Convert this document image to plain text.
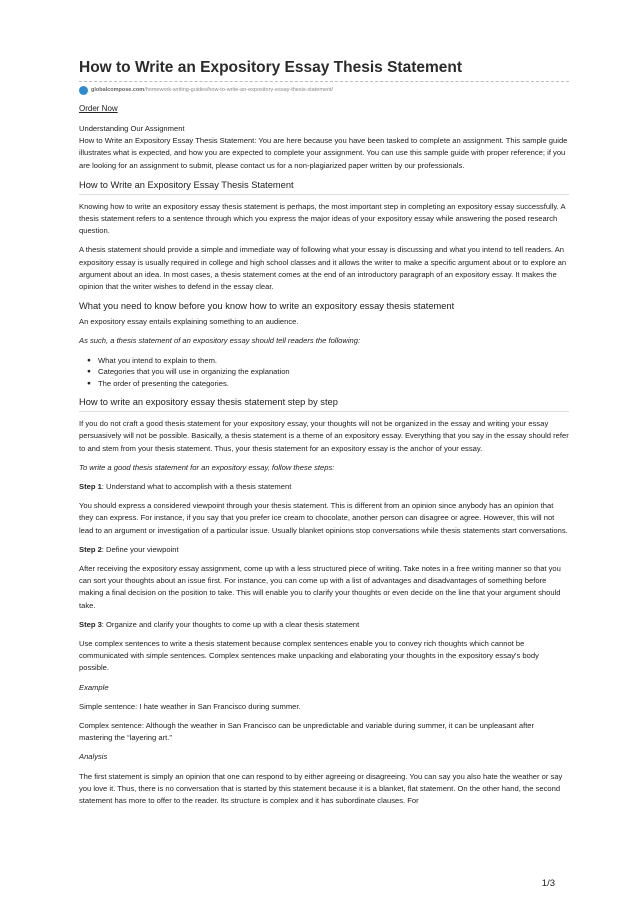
How to Write an Expository Essay Thesis Statement
globalcompose.com /homework-writing-guides/how-to-write-an-expository-essay-thesis-statement/
Order Now

Understanding Our Assignment

How to Write an Expository Essay Thesis Statement: You are here because you have been tasked to complete an assignment. This sample guide illustrates what is expected, and how you are expected to complete your assignment. You can use this sample guide with proper reference; if you are looking for an assignment to submit, please contact us for a non-plagiarized paper written by our professionals.

How to Write an Expository Essay Thesis Statement

Knowing how to write an expository essay thesis statement is perhaps, the most important step in completing an expository essay successfully. A thesis statement refers to a sentence through which you express the major ideas of your expository essay while answering the posed research question.

A thesis statement should provide a simple and immediate way of following what your essay is discussing and what you intend to tell readers. An expository essay is usually required in college and high school classes and it allows the writer to make a specific argument about or to explore an argument about an idea. In most cases, a thesis statement comes at the end of an introductory paragraph of an expository essay. It makes the opinion that the writer wishes to defend in the essay clear.

What you need to know before you know how to write an expository essay thesis statement

An expository essay entails explaining something to an audience.

As such, a thesis statement of an expository essay should tell readers the following:

● What you intend to explain to them.
● Categories that you will use in organizing the explanation
● The order of presenting the categories.
How to write an expository essay thesis statement step by step

If you do not craft a good thesis statement for your expository essay, your thoughts will not be organized in the essay and writing your essay persuasively will not be possible. Basically, a thesis statement is a theme of an expository essay. Everything that you say in the essay should refer to and stem from your thesis statement. Thus, your thesis statement for an expository essay is the anchor of your essay.

To write a good thesis statement for an expository essay, follow these steps:

Step 1: Understand what to accomplish with a thesis statement

You should express a considered viewpoint through your thesis statement. This is different from an opinion since anybody has an opinion that they can express. For instance, if you say that you prefer ice cream to chocolate, another person can disagree or agree. However, this will not lead to an argument or investigation of a particular issue. Usually blanket opinions stop conversations while thesis statements start conversations.

Step 2: Define your viewpoint

After receiving the expository essay assignment, come up with a less structured piece of writing. Take notes in a free writing manner so that you can sort your thoughts about an issue first. For instance, you can come up with a list of advantages and disadvantages of something before making a final decision on the position to take. This will enable you to clarify your thoughts or even decide on the line that your argument should take.

Step 3: Organize and clarify your thoughts to come up with a clear thesis statement

Use complex sentences to write a thesis statement because complex sentences enable you to convey rich thoughts which cannot be communicated with simple sentences. Complex sentences make unpacking and elaborating your thoughts in the expository essay's body possible.

Example

Simple sentence: I hate weather in San Francisco during summer.

Complex sentence: Although the weather in San Francisco can be unpredictable and variable during summer, it can be unpleasant after mastering the “layering art.”

Analysis

The first statement is simply an opinion that one can respond to by either agreeing or disagreeing. You can say you also hate the weather or say you love it. Thus, there is no conversation that is started by this statement because it is a blanket, flat statement. On the other hand, the second statement has more to offer to the reader. Its structure is complex and it has subordinate clauses. For

1/3
